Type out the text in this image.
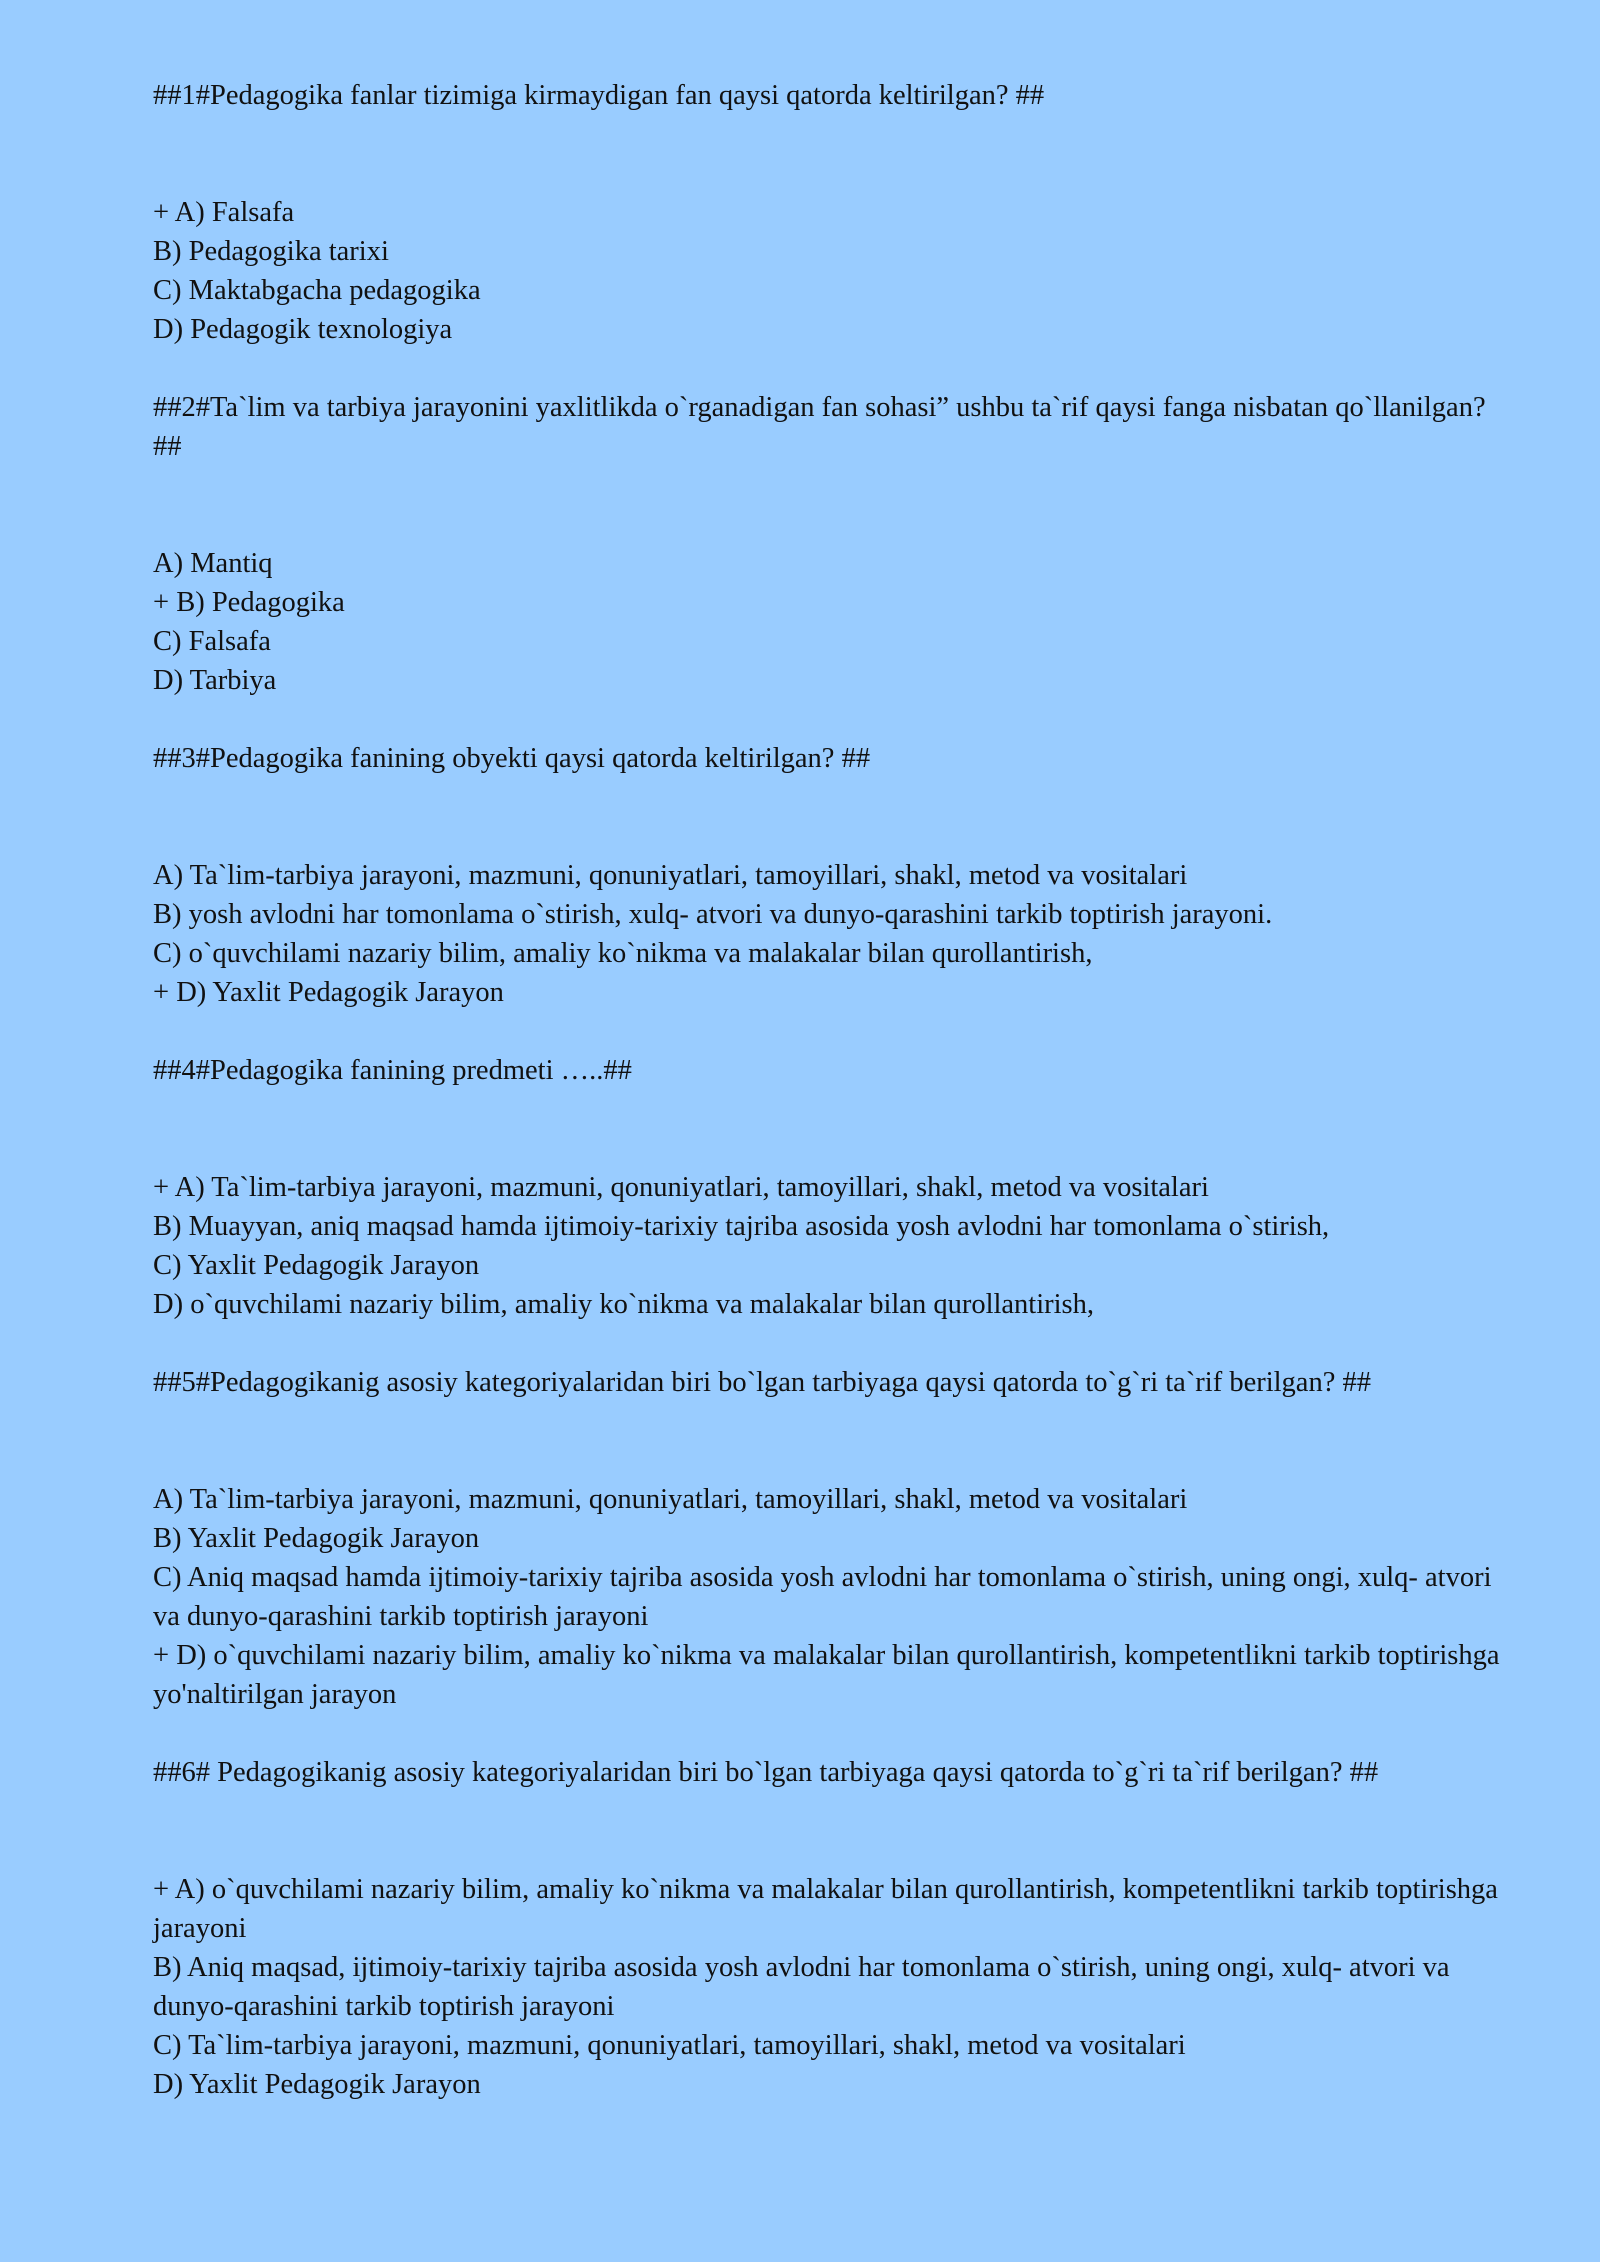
##1#Pedagogika fanlar tizimiga kirmaydigan fan qaysi qatorda keltirilgan? ##

+ A) Falsafa
B) Pedagogika tarixi
C) Maktabgacha pedagogika
D) Pedagogik texnologiya

##2#Ta`lim va tarbiya jarayonini yaxlitlikda o`rganadigan fan sohasi” ushbu ta`rif qaysi fanga nisbatan qo`llanilgan? ##

A) Mantiq
+ B) Pedagogika
C) Falsafa
D) Tarbiya

##3#Pedagogika fanining obyekti qaysi qatorda keltirilgan? ##

A) Ta`lim-tarbiya jarayoni, mazmuni, qonuniyatlari, tamoyillari, shakl, metod va vositalari
B) yosh avlodni har tomonlama o`stirish, xulq- atvori va dunyo-qarashini tarkib toptirish jarayoni.
C) o`quvchilami nazariy bilim, amaliy ko`nikma va malakalar bilan qurollantirish,
+ D) Yaxlit Pedagogik Jarayon

##4#Pedagogika fanining predmeti …..##

+ A) Ta`lim-tarbiya jarayoni, mazmuni, qonuniyatlari, tamoyillari, shakl, metod va vositalari
B) Muayyan, aniq maqsad hamda ijtimoiy-tarixiy tajriba asosida yosh avlodni har tomonlama o`stirish,
C) Yaxlit Pedagogik Jarayon
D) o`quvchilami nazariy bilim, amaliy ko`nikma va malakalar bilan qurollantirish,

##5#Pedagogikanig asosiy kategoriyalaridan biri bo`lgan tarbiyaga qaysi qatorda to`g`ri ta`rif berilgan? ##

A) Ta`lim-tarbiya jarayoni, mazmuni, qonuniyatlari, tamoyillari, shakl, metod va vositalari
B) Yaxlit Pedagogik Jarayon
C) Aniq maqsad hamda ijtimoiy-tarixiy tajriba asosida yosh avlodni har tomonlama o`stirish, uning ongi, xulq- atvori va dunyo-qarashini tarkib toptirish jarayoni
+ D) o`quvchilami nazariy bilim, amaliy ko`nikma va malakalar bilan qurollantirish, kompetentlikni tarkib toptirishga yo'naltirilgan jarayon

##6# Pedagogikanig asosiy kategoriyalaridan biri bo`lgan tarbiyaga qaysi qatorda to`g`ri ta`rif berilgan? ##

+ A) o`quvchilami nazariy bilim, amaliy ko`nikma va malakalar bilan qurollantirish, kompetentlikni tarkib toptirishga jarayoni
B) Aniq maqsad, ijtimoiy-tarixiy tajriba asosida yosh avlodni har tomonlama o`stirish, uning ongi, xulq- atvori va dunyo-qarashini tarkib toptirish jarayoni
C) Ta`lim-tarbiya jarayoni, mazmuni, qonuniyatlari, tamoyillari, shakl, metod va vositalari
D) Yaxlit Pedagogik Jarayon
